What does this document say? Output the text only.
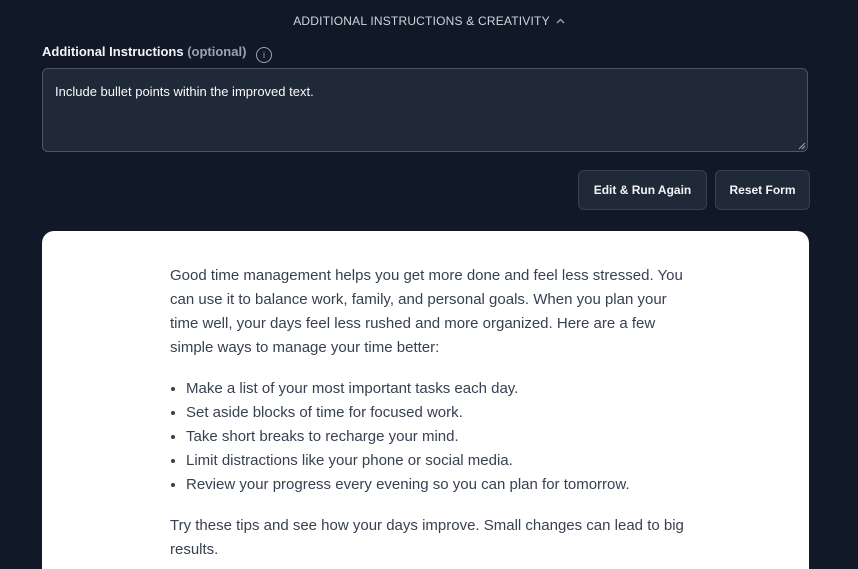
ADDITIONAL INSTRUCTIONS & CREATIVITY
Additional Instructions (optional) i
Include bullet points within the improved text.
Edit & Run Again	Reset Form

Good time management helps you get more done and feel less stressed. You can use it to balance work, family, and personal goals. When you plan your time well, your days feel less rushed and more organized. Here are a few simple ways to manage your time better:

• Make a list of your most important tasks each day.
• Set aside blocks of time for focused work.
• Take short breaks to recharge your mind.
• Limit distractions like your phone or social media.
• Review your progress every evening so you can plan for tomorrow.

Try these tips and see how your days improve. Small changes can lead to big results.
